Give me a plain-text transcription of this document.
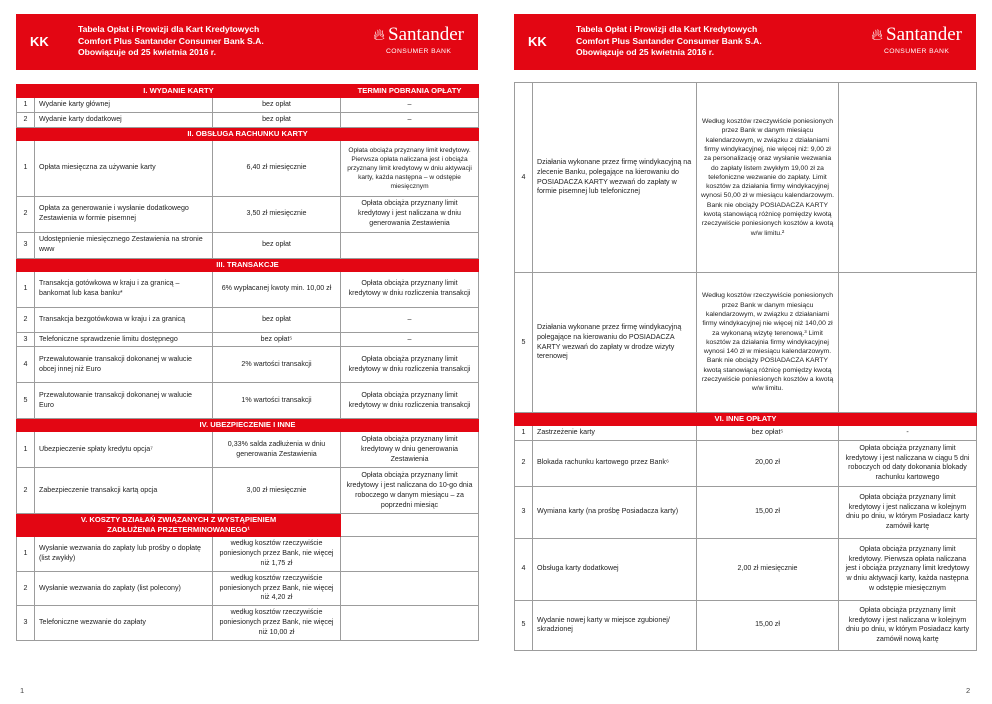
KK
Tabela Opłat i Prowizji dla Kart Kredytowych
Comfort Plus Santander Consumer Bank S.A.
Obowiązuje od 25 kwietnia 2016 r.
🔥︎ Santander
CONSUMER BANK
I. WYDANIE KARTY			TERMIN POBRANIA OPŁATY
1	Wydanie karty głównej	bez opłat	–
2	Wydanie karty dodatkowej	bez opłat	–
II. OBSŁUGA RACHUNKU KARTY			
1	Opłata miesięczna za używanie karty	6,40 zł miesięcznie	Opłata obciąża przyznany limit kredytowy. Pierwsza opłata naliczana jest i obciąża przyznany limit kredytowy w dniu aktywacji karty, każda następna – w odstępie miesięcznym
2	Opłata za generowanie i wysłanie dodatkowego Zestawienia w formie pisemnej	3,50 zł miesięcznie	Opłata obciąża przyznany limit kredytowy i jest naliczana w dniu generowania Zestawienia
3	Udostępnienie miesięcznego Zestawienia na stronie www	bez opłat	
III. TRANSAKCJE			
1	Transakcja gotówkowa w kraju i za granicą – bankomat lub kasa banku*	6% wypłacanej kwoty min. 10,00 zł	Opłata obciąża przyznany limit kredytowy w dniu rozliczenia transakcji
2	Transakcja bezgotówkowa w kraju i za granicą	bez opłat	–
3	Telefoniczne sprawdzenie limitu dostępnego	bez opłat⁵	–
4	Przewalutowanie transakcji dokonanej w walucie obcej innej niż Euro	2% wartości transakcji	Opłata obciąża przyznany limit kredytowy w dniu rozliczenia transakcji
5	Przewalutowanie transakcji dokonanej w walucie Euro	1% wartości transakcji	Opłata obciąża przyznany limit kredytowy w dniu rozliczenia transakcji
IV. UBEZPIECZENIE I INNE			
1	Ubezpieczenie spłaty kredytu opcja⁷	0,33% salda zadłużenia w dniu generowania Zestawienia	Opłata obciąża przyznany limit kredytowy w dniu generowania Zestawienia
2	Zabezpieczenie transakcji kartą opcja	3,00 zł miesięcznie	Opłata obciąża przyznany limit kredytowy i jest naliczana do 10-go dnia roboczego w danym miesiącu – za poprzedni miesiąc

V. KOSZTY DZIAŁAŃ ZWIĄZANYCH Z WYSTĄPIENIEM
ZADŁUŻENIA PRZETERMINOWANEGO¹			

1	Wysłanie wezwania do zapłaty lub prośby o dopłatę (list zwykły)	według kosztów rzeczywiście poniesionych przez Bank, nie więcej niż 1,75 zł	
2	Wysłanie wezwania do zapłaty (list polecony)	według kosztów rzeczywiście poniesionych przez Bank, nie więcej niż 4,20 zł	
3	Telefoniczne wezwanie do zapłaty	według kosztów rzeczywiście poniesionych przez Bank, nie więcej niż 10,00 zł	
1
KK
Tabela Opłat i Prowizji dla Kart Kredytowych
Comfort Plus Santander Consumer Bank S.A.
Obowiązuje od 25 kwietnia 2016 r.
🔥︎ Santander
CONSUMER BANK
4	Działania wykonane przez firmę windykacyjną na zlecenie Banku, polegające na kierowaniu do POSIADACZA KARTY wezwań do zapłaty w formie pisemnej lub telefonicznej	Według kosztów rzeczywiście poniesionych przez Bank w danym miesiącu kalendarzowym, w związku z działaniami firmy windykacyjnej, nie więcej niż: 9,00 zł za personalizację oraz wysłanie wezwania do zapłaty listem zwykłym 19,00 zł za telefoniczne wezwanie do zapłaty. Limit kosztów za działania firmy windykacyjnej wynosi 50,00 zł w miesiącu kalendarzowym. Bank nie obciąży POSIADACZA KARTY kwotą stanowiącą różnicę pomiędzy kwotą rzeczywiście poniesionych kosztów a kwotą w/w limitu.²	
5	Działania wykonane przez firmę windykacyjną polegające na kierowaniu do POSIADACZA KARTY wezwań do zapłaty w drodze wizyty terenowej	Według kosztów rzeczywiście poniesionych przez Bank w danym miesiącu kalendarzowym, w związku z działaniami firmy windykacyjnej nie więcej niż 140,00 zł za wykonaną wizytę terenową.³ Limit kosztów za działania firmy windykacyjnej wynosi 140 zł w miesiącu kalendarzowym. Bank nie obciąży POSIADACZA KARTY kwotą stanowiącą różnicę pomiędzy kwotą rzeczywiście poniesionych kosztów a kwotą w/w limitu.	
VI. INNE OPŁATY			
1	Zastrzeżenie karty	bez opłat⁵	-
2	Blokada rachunku kartowego przez Bank⁶	20,00 zł	Opłata obciąża przyznany limit kredytowy i jest naliczana w ciągu 5 dni roboczych od daty dokonania blokady rachunku kartowego
3	Wymiana karty (na prośbę Posiadacza karty)	15,00 zł	Opłata obciąża przyznany limit kredytowy i jest naliczana w kolejnym dniu po dniu, w którym Posiadacz karty zamówił kartę
4	Obsługa karty dodatkowej	2,00 zł miesięcznie	Opłata obciąża przyznany limit kredytowy. Pierwsza opłata naliczana jest i obciąża przyznany limit kredytowy w dniu aktywacji karty, każda następna w odstępie miesięcznym
5	Wydanie nowej karty w miejsce zgubionej/ skradzionej	15,00 zł	Opłata obciąża przyznany limit kredytowy i jest naliczana w kolejnym dniu po dniu, w którym Posiadacz karty zamówił nową kartę
2
